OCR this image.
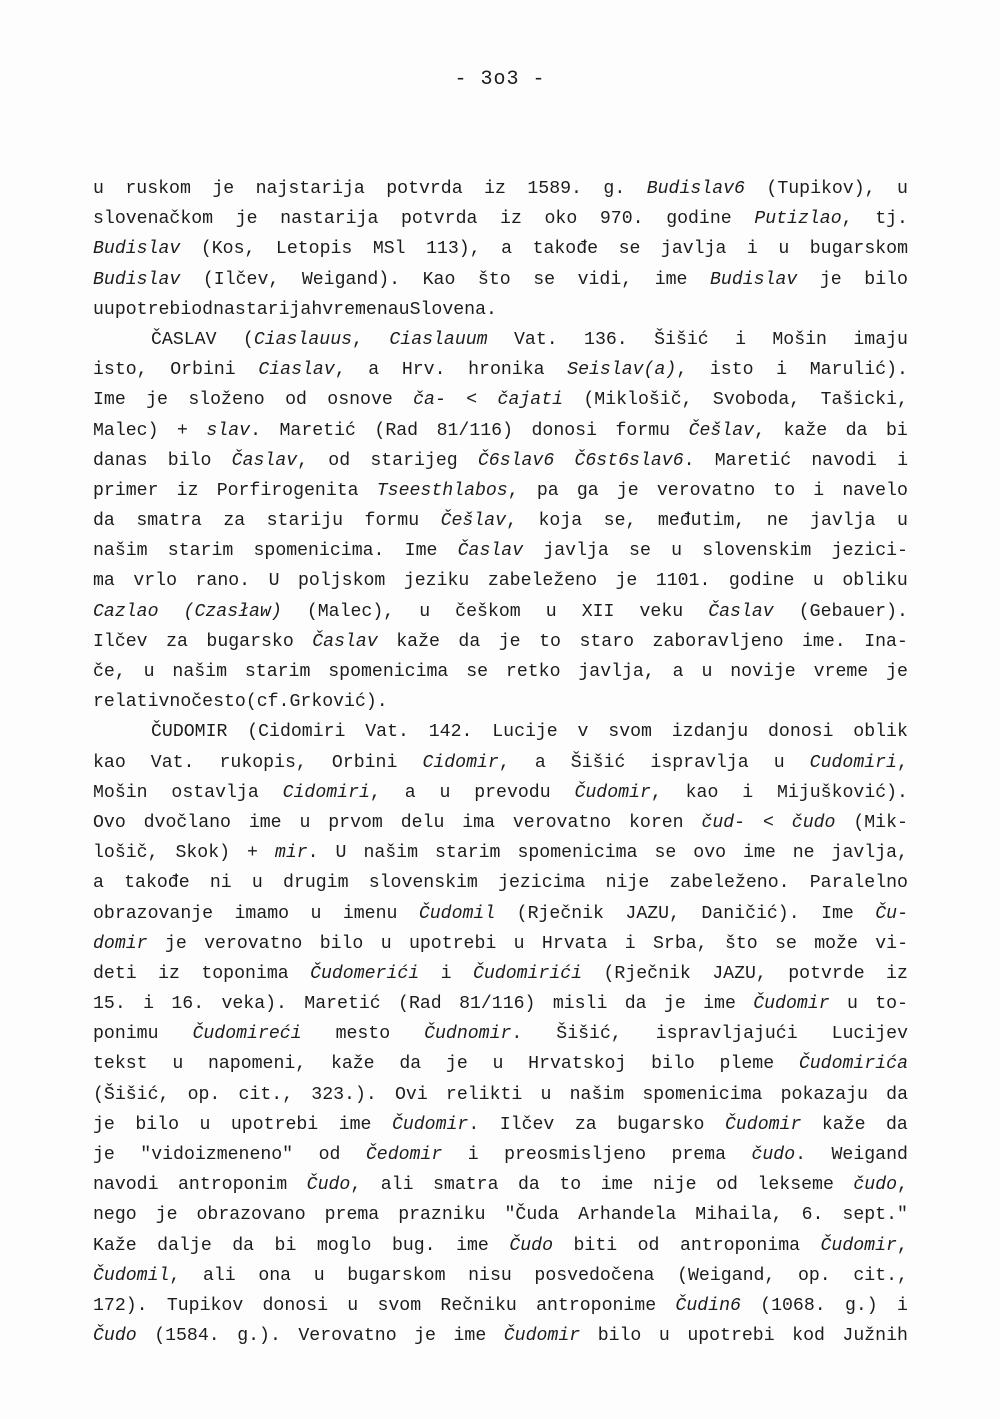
- 3o3 -
u ruskom je najstarija potvrda iz 1589. g. Budislav6 (Tupikov), u
slovenačkom je nastarija potvrda iz oko 970. godine Putizlao, tj.
Budislav (Kos, Letopis MSl 113), a takođe se javlja i u bugarskom
Budislav (Ilčev, Weigand). Kao što se vidi, ime Budislav je bilo
u upotrebi od nastarijah vremena u Slovena.
ČASLAV (Ciaslauus, Ciaslauum Vat. 136. Šišić i Mošin imaju
isto, Orbini Ciaslav, a Hrv. hronika Seislav(a), isto i Marulić).
Ime je složeno od osnove ča- < čajati (Miklošič, Svoboda, Tašicki,
Malec) + slav. Maretić (Rad 81/116) donosi formu Češlav, kaže da bi
danas bilo Časlav, od starijeg Č6slav6 Č6st6slav6. Maretić navodi i
primer iz Porfirogenita Tseesthlabos, pa ga je verovatno to i navelo
da smatra za stariju formu Češlav, koja se, međutim, ne javlja u
našim starim spomenicima. Ime Časlav javlja se u slovenskim jezici-
ma vrlo rano. U poljskom jeziku zabeleženo je 1101. godine u obliku
Cazlao (Czasław) (Malec), u češkom u XII veku Časlav (Gebauer).
Ilčev za bugarsko Časlav kaže da je to staro zaboravljeno ime. Ina-
če, u našim starim spomenicima se retko javlja, a u novije vreme je
relativno često (cf. Grković).
ČUDOMIR (Cidomiri Vat. 142. Lucije v svom izdanju donosi oblik
kao Vat. rukopis, Orbini Cidomir, a Šišić ispravlja u Cudomiri,
Mošin ostavlja Cidomiri, a u prevodu Čudomir, kao i Mijušković).
Ovo dvočlano ime u prvom delu ima verovatno koren čud- < čudo (Mik-
lošič, Skok) + mir. U našim starim spomenicima se ovo ime ne javlja,
a takođe ni u drugim slovenskim jezicima nije zabeleženo. Paralelno
obrazovanje imamo u imenu Čudomil (Rječnik JAZU, Daničić). Ime Ču-
domir je verovatno bilo u upotrebi u Hrvata i Srba, što se može vi-
deti iz toponima Čudomerići i Čudomirići (Rječnik JAZU, potvrde iz
15. i 16. veka). Maretić (Rad 81/116) misli da je ime Čudomir u to-
ponimu Čudomireći mesto Čudnomir. Šišić, ispravljajući Lucijev
tekst u napomeni, kaže da je u Hrvatskoj bilo pleme Čudomirića
(Šišić, op. cit., 323.). Ovi relikti u našim spomenicima pokazaju da
je bilo u upotrebi ime Čudomir. Ilčev za bugarsko Čudomir kaže da
je "vidoizmeneno" od Čedomir i preosmisljeno prema čudo. Weigand
navodi antroponim Čudo, ali smatra da to ime nije od lekseme čudo,
nego je obrazovano prema prazniku "Čuda Arhandela Mihaila, 6. sept."
Kaže dalje da bi moglo bug. ime Čudo biti od antroponima Čudomir,
Čudomil, ali ona u bugarskom nisu posvedočena (Weigand, op. cit.,
172). Tupikov donosi u svom Rečniku antroponime Čudin6 (1068. g.) i
Čudo (1584. g.). Verovatno je ime Čudomir bilo u upotrebi kod Južnih
